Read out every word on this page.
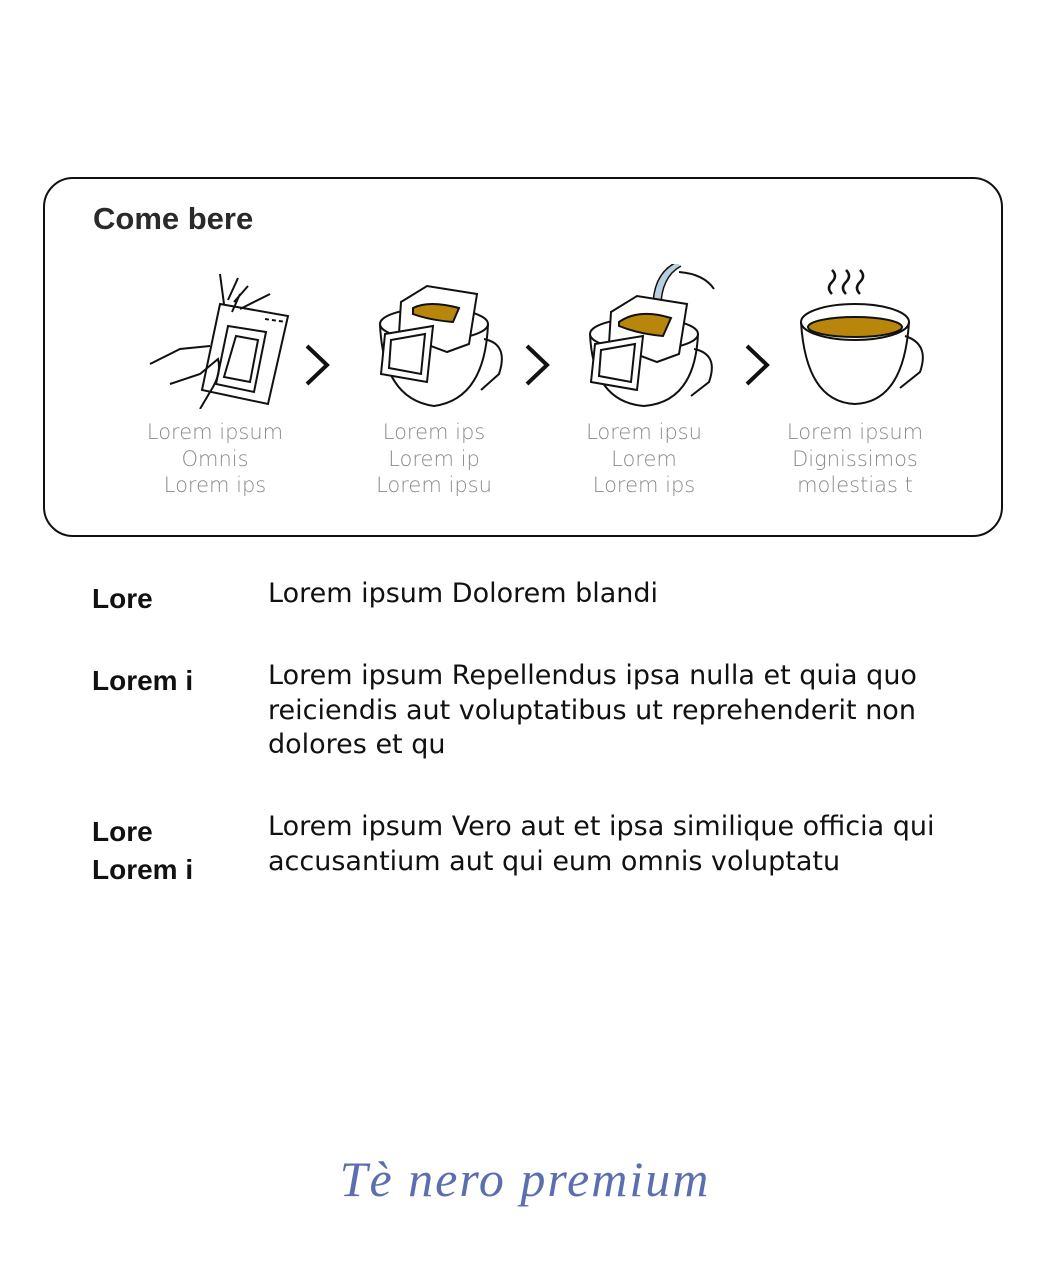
Come bere
Lorem ipsum
Omnis
Lorem ips
Lorem ips
Lorem ip
Lorem ipsu
Lorem ipsu
Lorem
Lorem ips
Lorem ipsum
Dignissimos
molestias t
Lore	Lorem ipsum Dolorem blandi
Lorem i	Lorem ipsum Repellendus ipsa nulla et quia quo reiciendis aut voluptatibus ut reprehenderit non dolores et qu
Lore Lorem i
Lorem ipsum Vero aut et ipsa similique officia qui accusantium aut qui eum omnis voluptatu
Tè nero premium
